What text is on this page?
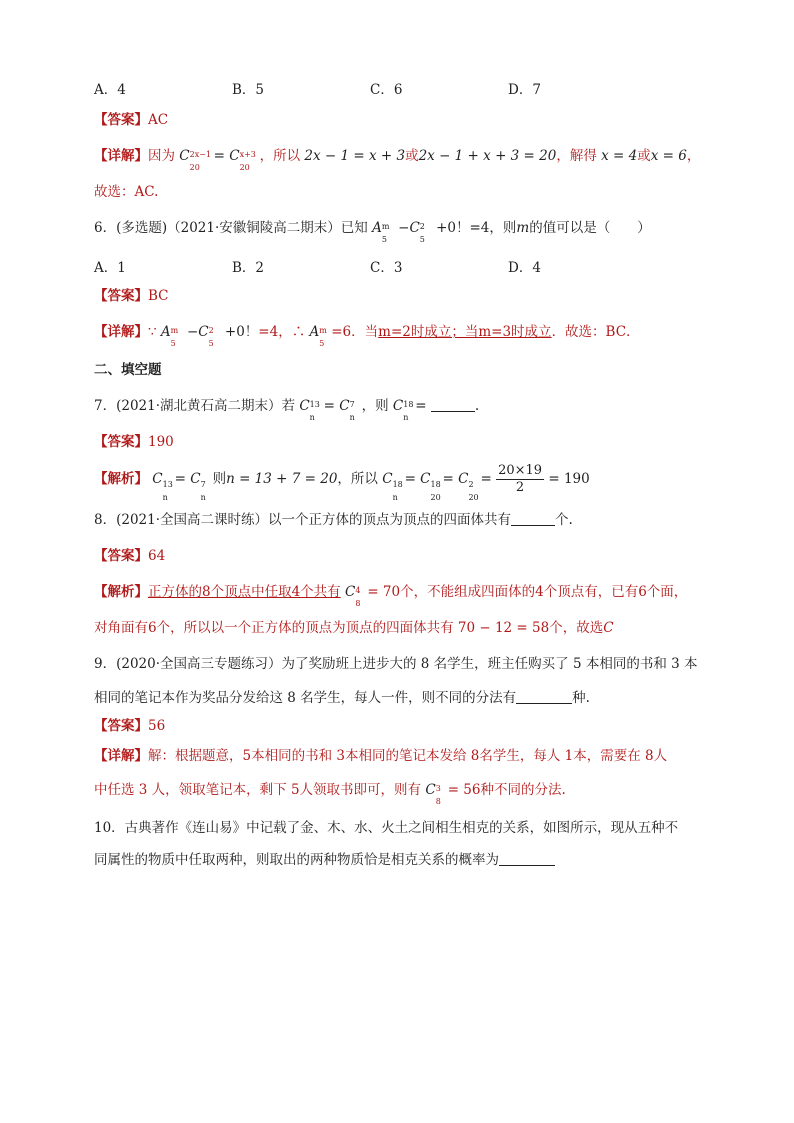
A．4	B．5	C．6	D．7
【答案】AC
【详解】因为 C 2x−1
20
= C x+3
20
，所以 2x − 1 = x + 3或2x − 1 + x + 3 = 20，解得 x = 4或x = 6，
故选：AC.
6．(多选题)（2021·安徽铜陵高二期末）已知 A m
5
−C 2
5
+0！=4，则m的值可以是（　　）
A．1	B．2	C．3	D．4
【答案】BC
【详解】∵ A m
5
−C 2
5
+0！=4，∴ A m
5
=6．当m=2时成立；当m=3时成立．故选：BC．
二、填空题
7．(2021·湖北黄石高二期末）若 C 13
n
= C 7
n
，则 C 18
n
=	.
【答案】190
【解析】 C 13
n
= C 7
n
则n = 13 + 7 = 20，所以 C 18
n
= C 18
20
= C 2
20
= $\frac{20\times 19}{2} = 190$
8．(2021·全国高二课时练）以一个正方体的顶点为顶点的四面体共有	个.
【答案】64
【解析】正方体的8个顶点中任取4个共有 C 4
8
= 70个，不能组成四面体的4个顶点有，已有6个面，
对角面有6个，所以以一个正方体的顶点为顶点的四面体共有 70 − 12 = 58个，故选C
9．(2020·全国高三专题练习）为了奖励班上进步大的 8 名学生，班主任购买了 5 本相同的书和 3 本
相同的笔记本作为奖品分发给这 8 名学生，每人一件，则不同的分法有	种.
【答案】56
【详解】解：根据题意，5本相同的书和 3本相同的笔记本发给 8名学生，每人 1本，需要在 8人
中任选 3 人，领取笔记本，剩下 5人领取书即可，则有 C 3
8
= 56种不同的分法.
10．古典著作《连山易》中记载了金、木、水、火土之间相生相克的关系，如图所示，现从五种不
同属性的物质中任取两种，则取出的两种物质恰是相克关系的概率为
